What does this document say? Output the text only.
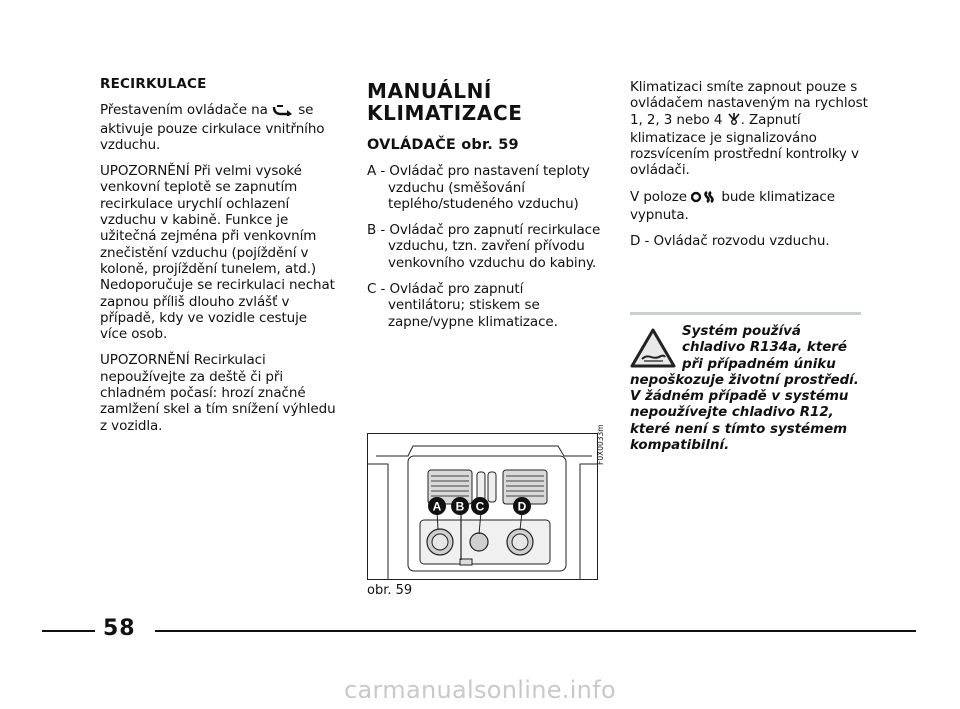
RECIRKULACE

Přestavením ovládače na se aktivuje pouze cirkulace vnitřního vzduchu.

UPOZORNĚNÍ Při velmi vysoké venkovní teplotě se zapnutím recirkulace urychlí ochlazení vzduchu v kabině. Funkce je užitečná zejména při venkovním znečistění vzduchu (pojíždění v koloně, projíždění tunelem, atd.) Nedoporučuje se recirkulaci nechat zapnou příliš dlouho zvlášť v případě, kdy ve vozidle cestuje více osob.

UPOZORNĚNÍ Recirkulaci nepoužívejte za deště či při chladném počasí: hrozí značné zamlžení skel a tím snížení výhledu z vozidla.

MANUÁLNÍ
KLIMATIZACE

OVLÁDAČE obr. 59

A - Ovládač pro nastavení teploty vzduchu (směšování teplého/studeného vzduchu)

B - Ovládač pro zapnutí recirkulace vzduchu, tzn. zavření přívodu venkovního vzduchu do kabiny.

C - Ovládač pro zapnutí ventilátoru; stiskem se zapne/vypne klimatizace.

Klimatizaci smíte zapnout pouze s ovládačem nastaveným na rychlost 1, 2, 3 nebo 4 . Zapnutí klimatizace je signalizováno rozsvícením prostřední kontrolky v ovládači.

V poloze	bude klimatizace vypnuta.

D - Ovládač rozvodu vzduchu.

Systém používá chladivo R134a, které při případném úniku
nepoškozuje životní prostředí. V žádném případě v systému nepoužívejte chladivo R12, které není s tímto systémem kompatibilní.
A B C	D
F0X0033m
obr. 59
58
carmanualsonline.info
